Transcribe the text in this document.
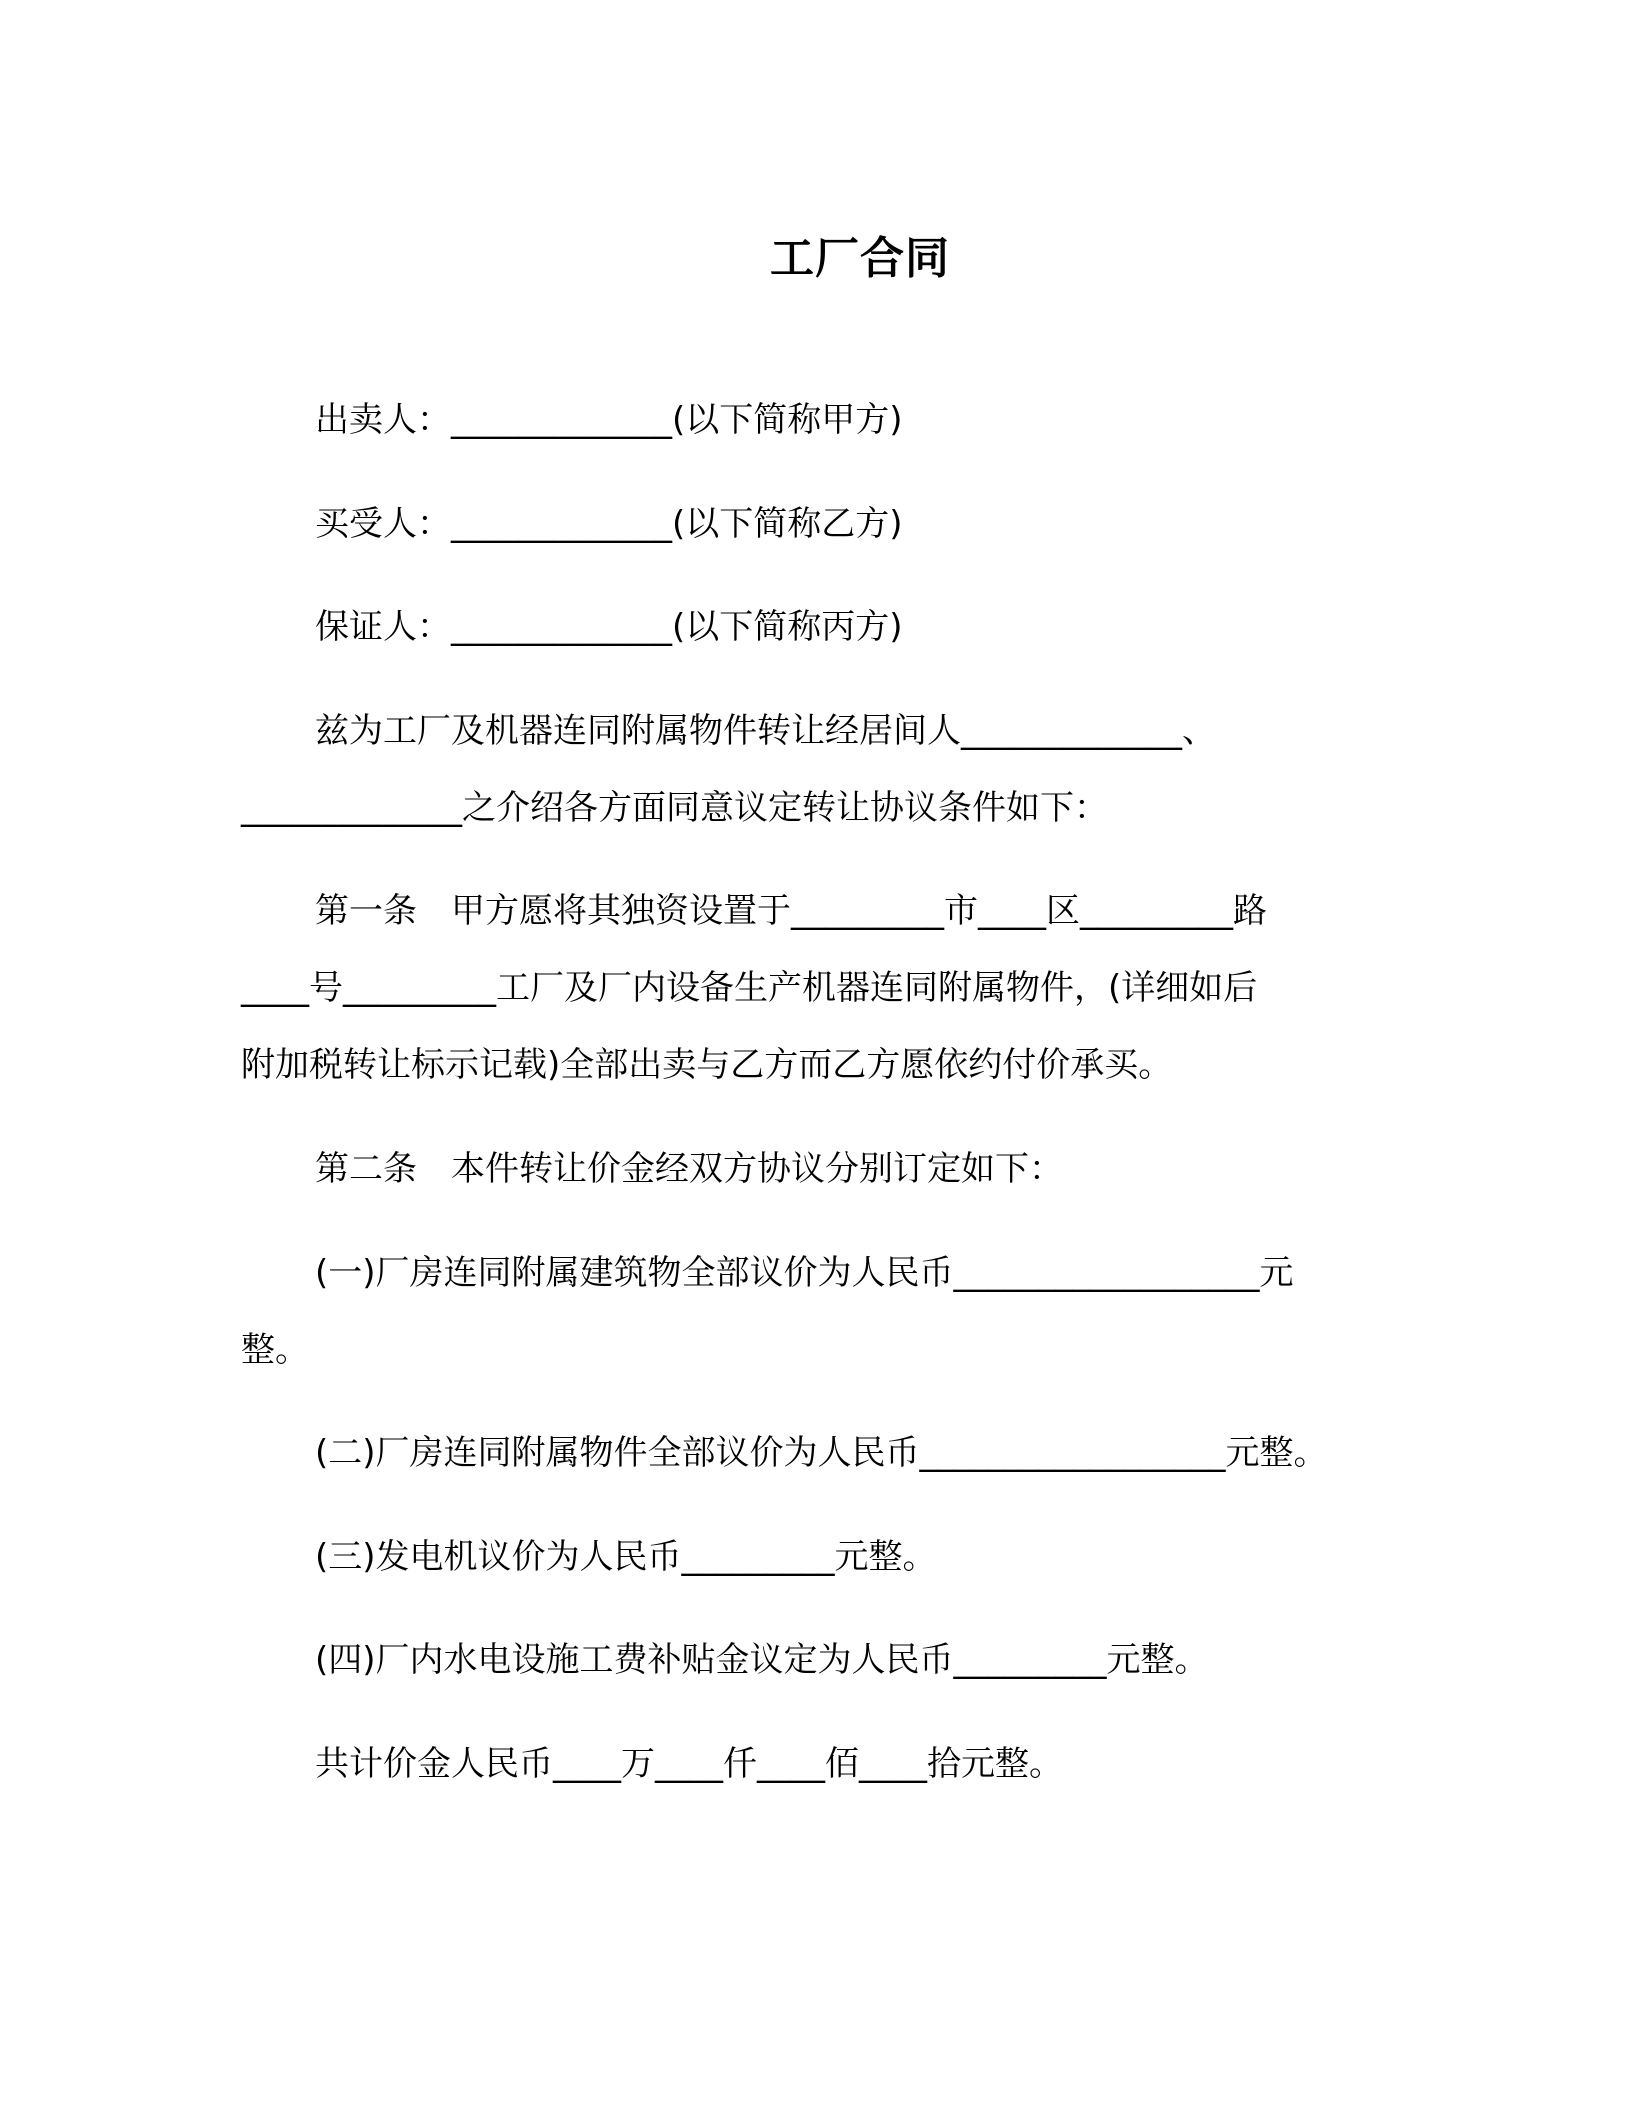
工厂合同
出卖人：_____________(以下简称甲方)
买受人：_____________(以下简称乙方)
保证人：_____________(以下简称丙方)
兹为工厂及机器连同附属物件转让经居间人_____________、
_____________之介绍各方面同意议定转让协议条件如下：
第一条　甲方愿将其独资设置于_________市____区_________路
____号_________工厂及厂内设备生产机器连同附属物件，(详细如后
附加税转让标示记载)全部出卖与乙方而乙方愿依约付价承买。
第二条　本件转让价金经双方协议分别订定如下：
(一)厂房连同附属建筑物全部议价为人民币__________________元
整。
(二)厂房连同附属物件全部议价为人民币__________________元整。
(三)发电机议价为人民币_________元整。
(四)厂内水电设施工费补贴金议定为人民币_________元整。
共计价金人民币____万____仟____佰____拾元整。
